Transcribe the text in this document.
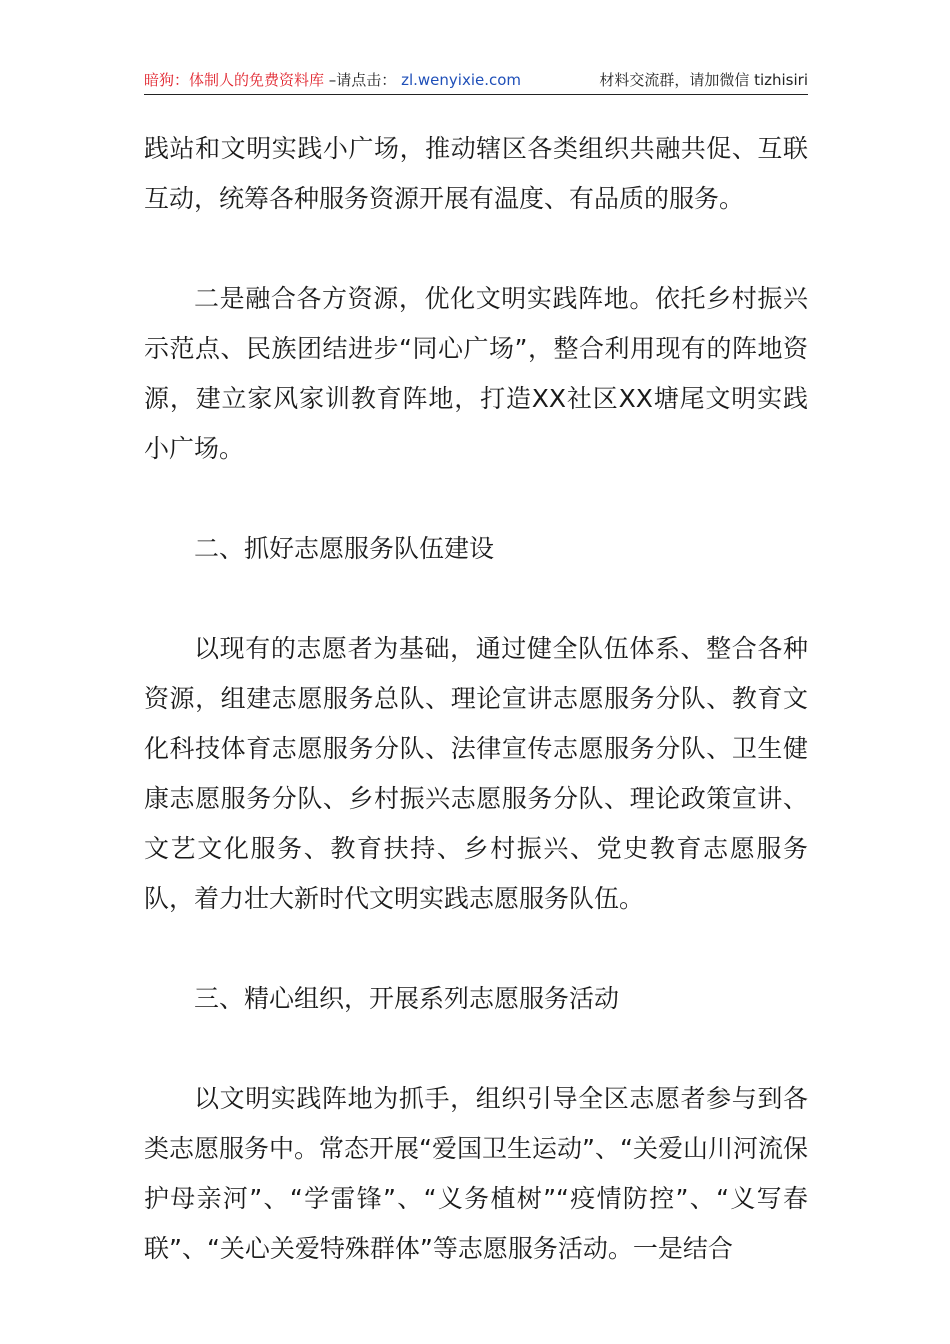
暗狗：体制人的免费资料库 –请点击： zl.wenyixie.com	材料交流群，请加微信 tizhisiri

践站和文明实践小广场，推动辖区各类组织共融共促、互联互动，统筹各种服务资源开展有温度、有品质的服务。

二是融合各方资源，优化文明实践阵地。依托乡村振兴示范点、民族团结进步“同心广场”，整合利用现有的阵地资源，建立家风家训教育阵地，打造XX社区XX塘尾文明实践小广场。

二、抓好志愿服务队伍建设

以现有的志愿者为基础，通过健全队伍体系、整合各种资源，组建志愿服务总队、理论宣讲志愿服务分队、教育文化科技体育志愿服务分队、法律宣传志愿服务分队、卫生健康志愿服务分队、乡村振兴志愿服务分队、理论政策宣讲、文艺文化服务、教育扶持、乡村振兴、党史教育志愿服务队，着力壮大新时代文明实践志愿服务队伍。

三、精心组织，开展系列志愿服务活动

以文明实践阵地为抓手，组织引导全区志愿者参与到各类志愿服务中。常态开展“爱国卫生运动”、“关爱山川河流保护母亲河”、“学雷锋”、“义务植树”“疫情防控”、“义写春联”、“关心关爱特殊群体”等志愿服务活动。一是结合
